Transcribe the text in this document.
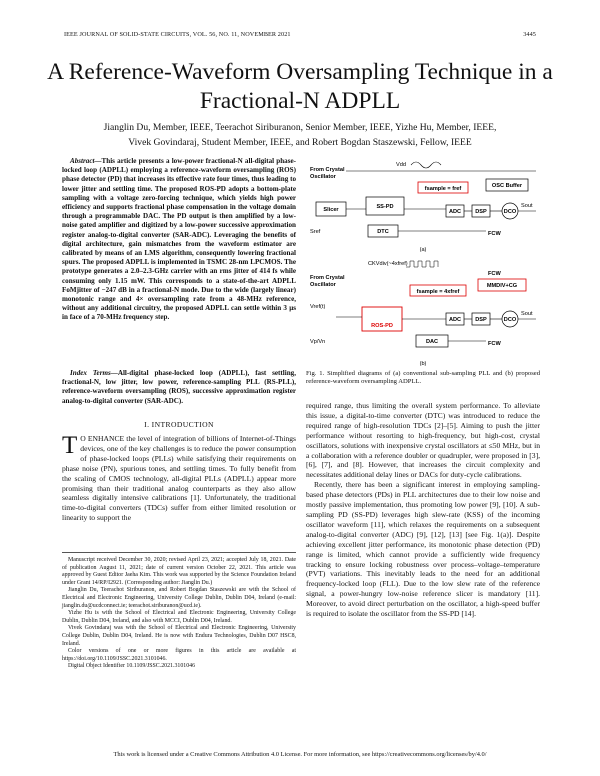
IEEE JOURNAL OF SOLID-STATE CIRCUITS, VOL. 56, NO. 11, NOVEMBER 2021	3445
A Reference-Waveform Oversampling Technique in a Fractional-N ADPLL
Jianglin Du, Member, IEEE, Teerachot Siriburanon, Senior Member, IEEE, Yizhe Hu, Member, IEEE,
Vivek Govindaraj, Student Member, IEEE, and Robert Bogdan Staszewski, Fellow, IEEE

Abstract—This article presents a low-power fractional-N all-digital phase-locked loop (ADPLL) employing a reference-waveform oversampling (ROS) phase detector (PD) that increases its effective rate four times, thus leading to lower jitter and settling time. The proposed ROS-PD adopts a bottom-plate sampling with a voltage zero-forcing technique, which yields high power efficiency and supports fractional phase compensation in the voltage domain through a programmable DAC. The PD output is then amplified by a low-noise gated amplifier and digitized by a low-power successive approximation register analog-to-digital converter (SAR-ADC). Leveraging the benefits of digital architecture, gain mismatches from the waveform estimator are calibrated by means of an LMS algorithm, consequently lowering fractional spurs. The proposed ADPLL is implemented in TSMC 28-nm LPCMOS. The prototype generates a 2.0–2.3-GHz carrier with an rms jitter of 414 fs while consuming only 1.15 mW. This corresponds to a state-of-the-art ADPLL FoMjitter of −247 dB in a fractional-N mode. Due to the wide (largely linear) monotonic range and 4× oversampling rate from a 48-MHz reference, without any additional circuitry, the proposed ADPLL can settle within 3 μs in face of a 70-MHz frequency step.

Index Terms—All-digital phase-locked loop (ADPLL), fast settling, fractional-N, low jitter, low power, reference-sampling PLL (RS-PLL), reference-waveform oversampling (ROS), successive approximation register analog-to-digital converter (SAR-ADC).

I. INTRODUCTION
T O ENHANCE the level of integration of billions of Internet-of-Things devices, one of the key challenges is to reduce the power consumption of phase-locked loops (PLLs) while satisfying their requirements on phase noise (PN), spurious tones, and settling times. To fully benefit from the scaling of CMOS technology, all-digital PLLs (ADPLL) appear more promising than their traditional analog counterparts as they also allow seamless digitally intensive calibrations [1]. Unfortunately, the traditional time-to-digital converters (TDCs) suffer from either limited resolution or linearity to support the

Manuscript received December 30, 2020; revised April 23, 2021; accepted July 18, 2021. Date of publication August 11, 2021; date of current version October 22, 2021. This article was approved by Guest Editor Jaeha Kim. This work was supported by the Science Foundation Ireland under Grant 14/RP/I2921. (Corresponding author: Jianglin Du.)

Jianglin Du, Teerachot Siriburanon, and Robert Bogdan Staszewski are with the School of Electrical and Electronic Engineering, University College Dublin, Dublin D04, Ireland (e-mail: jianglin.du@ucdconnect.ie; teerachot.siriburanon@ucd.ie).

Yizhe Hu is with the School of Electrical and Electronic Engineering, University College Dublin, Dublin D04, Ireland, and also with MCCI, Dublin D04, Ireland.

Vivek Govindaraj was with the School of Electrical and Electronic Engineering, University College Dublin, Dublin D04, Ireland. He is now with Endura Technologies, Dublin D07 HSC8, Ireland.

Color versions of one or more figures in this article are available at https://doi.org/10.1109/JSSC.2021.3101046.

Digital Object Identifier 10.1109/JSSC.2021.3101046

From Crystal
Oscillator
Vdd
Slicer	SS-PD
DTC
ADC	DSP	DCO
OSC Buffer
fsample = fref
Sout
Sref	FCW
(a)
CKVdiv(~4xfref)
From Crystal
Oscillator
FCW
MMDIV+CG
fsample = 4xfref
Vref(t)
ROS-PD
ADC	DSP	DCO
DAC
Sout
Vp/Vn	FCW
(b)
Fig. 1. Simplified diagrams of (a) conventional sub-sampling PLL and (b) proposed reference-waveform oversampling ADPLL.

required range, thus limiting the overall system performance. To alleviate this issue, a digital-to-time converter (DTC) was introduced to reduce the required range of high-resolution TDCs [2]–[5]. Aiming to push the jitter performance without resorting to high-frequency, but high-cost, crystal oscillators, solutions with inexpensive crystal oscillators at ≤50 MHz, but in a collaboration with a reference doubler or quadrupler, were proposed in [3], [6], [7], and [8]. However, that increases the circuit complexity and necessitates additional delay lines or DACs for duty-cycle calibrations.

Recently, there has been a significant interest in employing sampling-based phase detectors (PDs) in PLL architectures due to their low noise and mostly passive implementation, thus promoting low power [9], [10]. A sub-sampling PD (SS-PD) leverages high slew-rate (KSS) of the incoming oscillator waveform [11], which relaxes the requirements on a subsequent analog-to-digital converter (ADC) [9], [12], [13] [see Fig. 1(a)]. Despite achieving excellent jitter performance, its monotonic phase detection (PD) range is limited, which cannot provide a sufficiently wide frequency tracking to ensure locking robustness over process–voltage–temperature (PVT) variations. This inevitably leads to the need for an additional frequency-locked loop (FLL). Due to the low slew rate of the reference signal, a power-hungry low-noise reference slicer is mandatory [11]. Moreover, to avoid direct perturbation on the oscillator, a high-speed buffer is required to isolate the oscillator from the SS-PD [14].

This work is licensed under a Creative Commons Attribution 4.0 License. For more information, see https://creativecommons.org/licenses/by/4.0/
